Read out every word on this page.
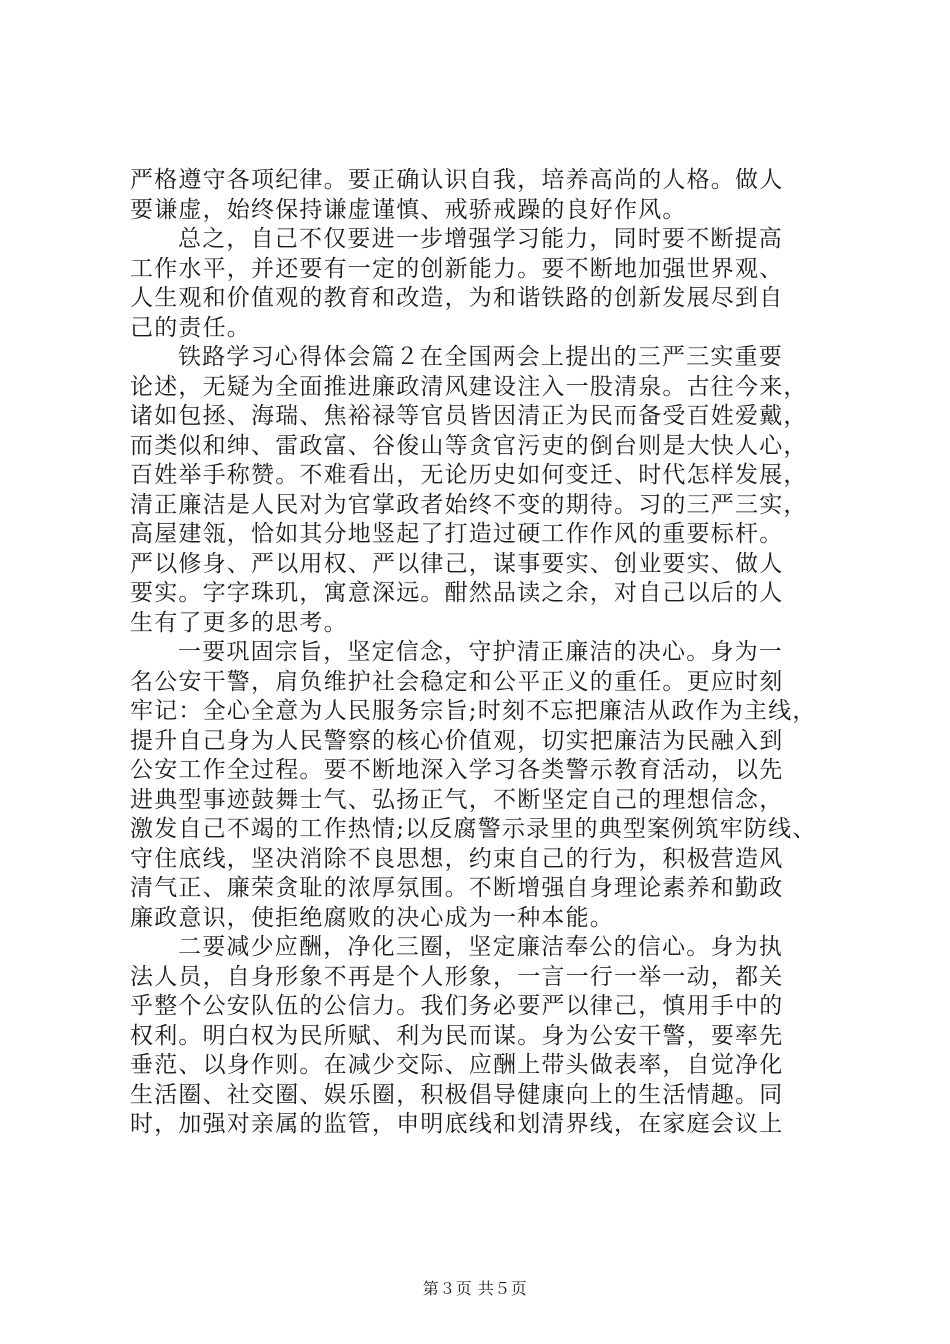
严格遵守各项纪律。要正确认识自我，培养高尚的人格。做人
要谦虚，始终保持谦虚谨慎、戒骄戒躁的良好作风。
总之，自己不仅要进一步增强学习能力，同时要不断提高
工作水平，并还要有一定的创新能力。要不断地加强世界观、
人生观和价值观的教育和改造，为和谐铁路的创新发展尽到自
己的责任。
铁路学习心得体会篇２在全国两会上提出的三严三实重要
论述，无疑为全面推进廉政清风建设注入一股清泉。古往今来，
诸如包拯、海瑞、焦裕禄等官员皆因清正为民而备受百姓爱戴，
而类似和绅、雷政富、谷俊山等贪官污吏的倒台则是大快人心，
百姓举手称赞。不难看出，无论历史如何变迁、时代怎样发展，
清正廉洁是人民对为官掌政者始终不变的期待。习的三严三实，
高屋建瓴，恰如其分地竖起了打造过硬工作作风的重要标杆。
严以修身、严以用权、严以律己，谋事要实、创业要实、做人
要实。字字珠玑，寓意深远。酣然品读之余，对自己以后的人
生有了更多的思考。
一要巩固宗旨，坚定信念，守护清正廉洁的决心。身为一
名公安干警，肩负维护社会稳定和公平正义的重任。更应时刻
牢记：全心全意为人民服务宗旨;时刻不忘把廉洁从政作为主线，
提升自己身为人民警察的核心价值观，切实把廉洁为民融入到
公安工作全过程。要不断地深入学习各类警示教育活动，以先
进典型事迹鼓舞士气、弘扬正气，不断坚定自己的理想信念，
激发自己不竭的工作热情;以反腐警示录里的典型案例筑牢防线、
守住底线，坚决消除不良思想，约束自己的行为，积极营造风
清气正、廉荣贪耻的浓厚氛围。不断增强自身理论素养和勤政
廉政意识，使拒绝腐败的决心成为一种本能。
二要减少应酬，净化三圈，坚定廉洁奉公的信心。身为执
法人员，自身形象不再是个人形象，一言一行一举一动，都关
乎整个公安队伍的公信力。我们务必要严以律己，慎用手中的
权利。明白权为民所赋、利为民而谋。身为公安干警，要率先
垂范、以身作则。在减少交际、应酬上带头做表率，自觉净化
生活圈、社交圈、娱乐圈，积极倡导健康向上的生活情趣。同
时，加强对亲属的监管，申明底线和划清界线，在家庭会议上
第３页 共５页
